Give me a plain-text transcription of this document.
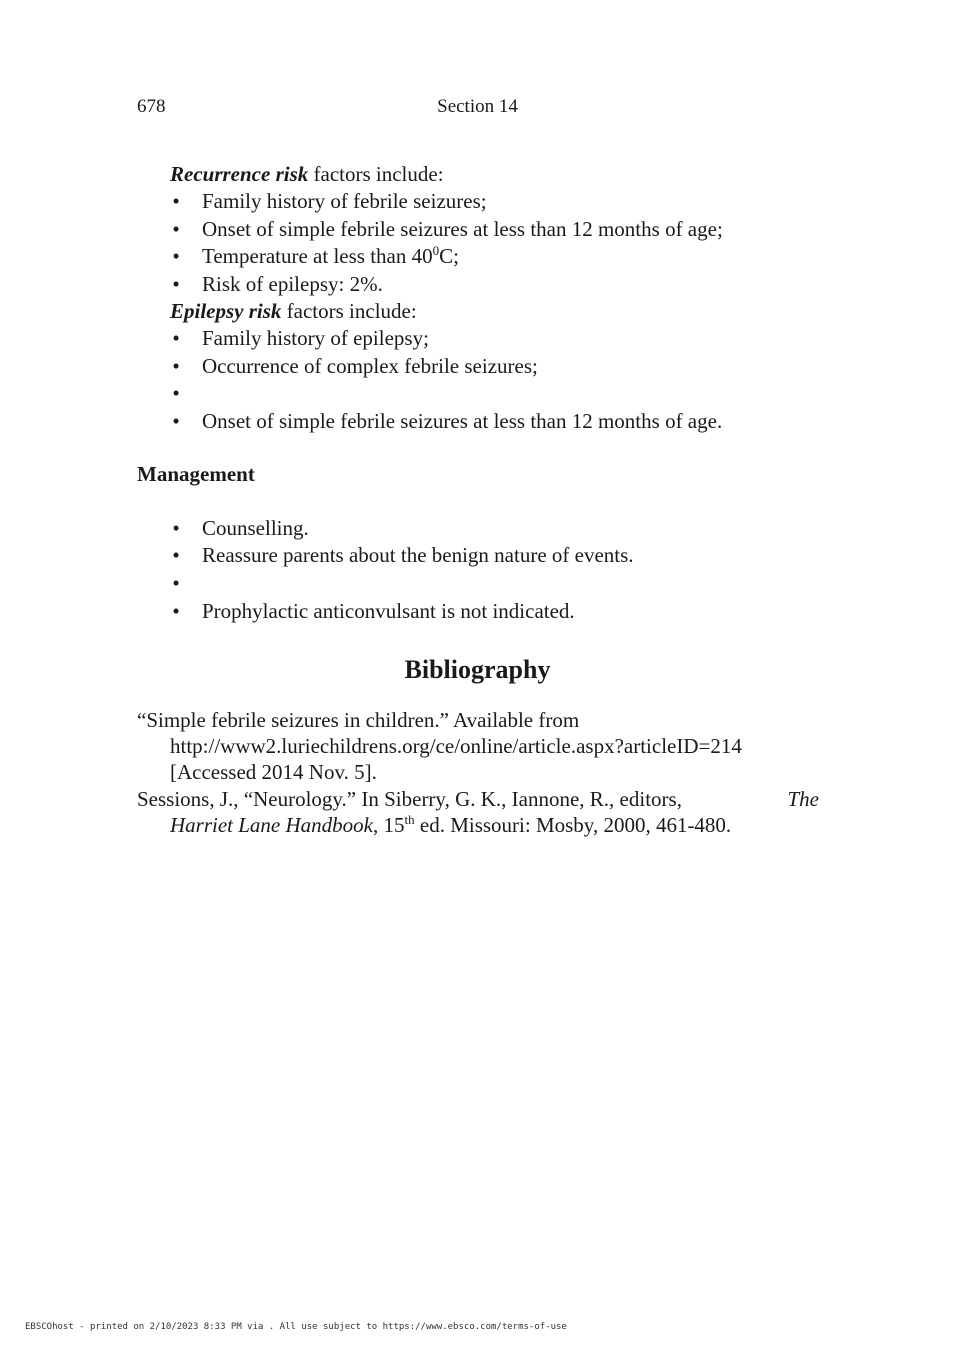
678	Section 14
Recurrence risk factors include:
• Family history of febrile seizures;
• Onset of simple febrile seizures at less than 12 months of age;
• Temperature at less than $40^0C$;
• Risk of epilepsy: 2%.
Epilepsy risk factors include:
• Family history of epilepsy;
• Occurrence of complex febrile seizures;
•
• Onset of simple febrile seizures at less than 12 months of age.
Management
• Counselling.
• Reassure parents about the benign nature of events.
•
• Prophylactic anticonvulsant is not indicated.
Bibliography
“Simple febrile seizures in children.” Available from
http://www2.luriechildrens.org/ce/online/article.aspx?articleID=214
[Accessed 2014 Nov. 5].
Sessions, J., “Neurology.” In Siberry, G. K., Iannone, R., editors,	The
Harriet Lane Handbook, 15th ed. Missouri: Mosby, 2000, 461-480.
EBSCOhost - printed on 2/10/2023 8:33 PM via . All use subject to https://www.ebsco.com/terms-of-use
